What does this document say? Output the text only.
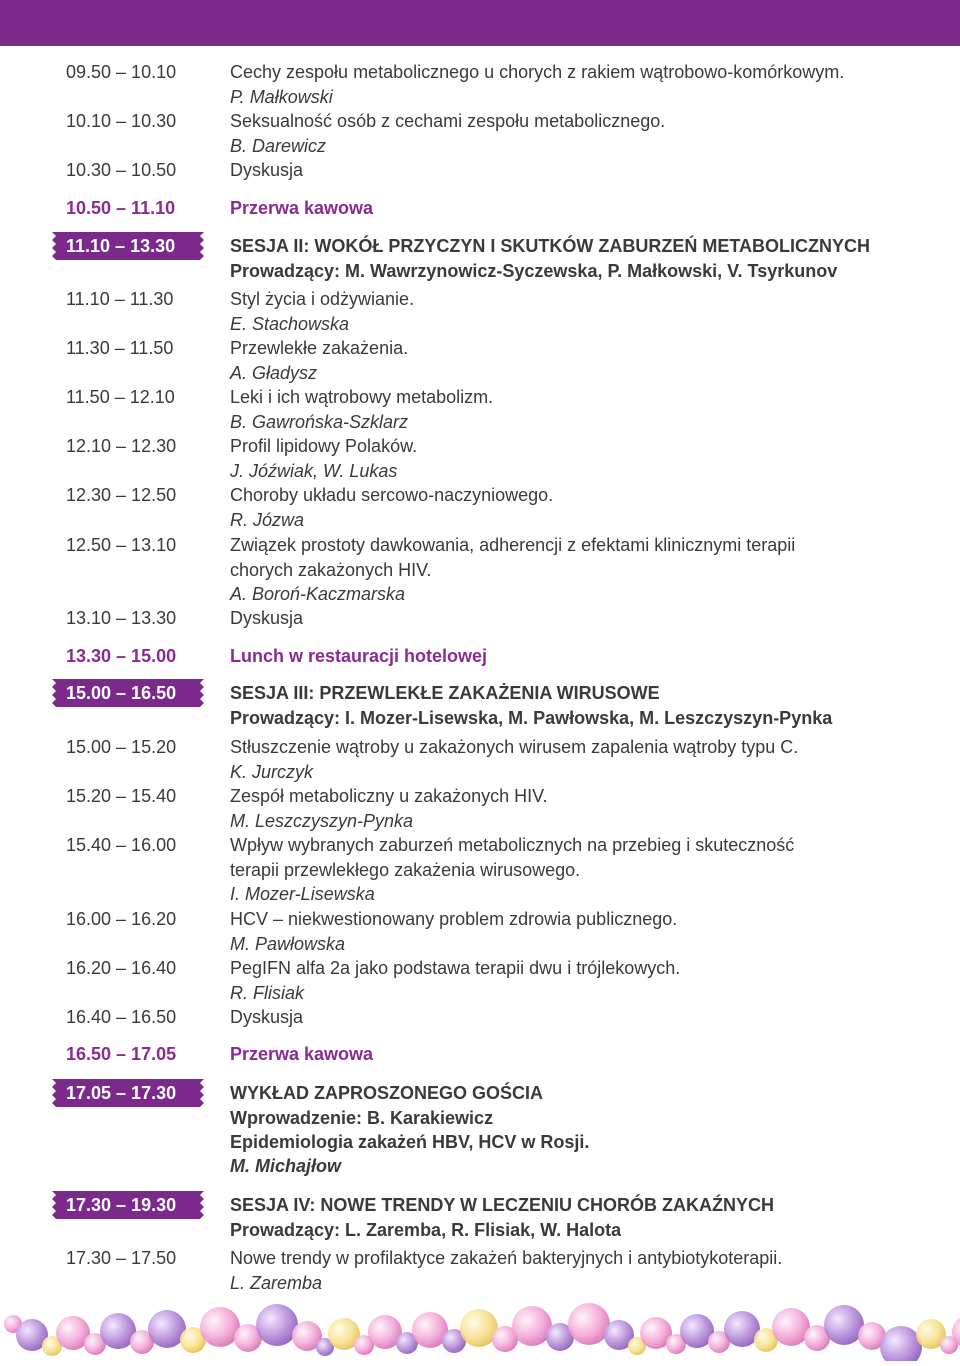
09.50 – 10.10	Cechy zespołu metabolicznego u chorych z rakiem wątrobowo-komórkowym.
P. Małkowski
10.10 – 10.30	Seksualność osób z cechami zespołu metabolicznego.
B. Darewicz
10.30 – 10.50	Dyskusja
10.50 – 11.10	Przerwa kawowa
11.10 – 13.30	SESJA II: WOKÓŁ PRZYCZYN I SKUTKÓW ZABURZEŃ METABOLICZNYCH
Prowadzący: M. Wawrzynowicz-Syczewska, P. Małkowski, V. Tsyrkunov
11.10 – 11.30	Styl życia i odżywianie.
E. Stachowska
11.30 – 11.50	Przewlekłe zakażenia.
A. Gładysz
11.50 – 12.10	Leki i ich wątrobowy metabolizm.
B. Gawrońska-Szklarz
12.10 – 12.30	Profil lipidowy Polaków.
J. Jóźwiak, W. Lukas
12.30 – 12.50	Choroby układu sercowo-naczyniowego.
R. Józwa
12.50 – 13.10	Związek prostoty dawkowania, adherencji z efektami klinicznymi terapii
chorych zakażonych HIV.
A. Boroń-Kaczmarska
13.10 – 13.30	Dyskusja
13.30 – 15.00	Lunch w restauracji hotelowej
15.00 – 16.50	SESJA III: PRZEWLEKŁE ZAKAŻENIA WIRUSOWE
Prowadzący: I. Mozer-Lisewska, M. Pawłowska, M. Leszczyszyn-Pynka
15.00 – 15.20	Stłuszczenie wątroby u zakażonych wirusem zapalenia wątroby typu C.
K. Jurczyk
15.20 – 15.40	Zespół metaboliczny u zakażonych HIV.
M. Leszczyszyn-Pynka
15.40 – 16.00	Wpływ wybranych zaburzeń metabolicznych na przebieg i skuteczność
terapii przewlekłego zakażenia wirusowego.
I. Mozer-Lisewska
16.00 – 16.20	HCV – niekwestionowany problem zdrowia publicznego.
M. Pawłowska
16.20 – 16.40	PegIFN alfa 2a jako podstawa terapii dwu i trójlekowych.
R. Flisiak
16.40 – 16.50	Dyskusja
16.50 – 17.05	Przerwa kawowa
17.05 – 17.30	WYKŁAD ZAPROSZONEGO GOŚCIA
Wprowadzenie: B. Karakiewicz
Epidemiologia zakażeń HBV, HCV w Rosji.
M. Michajłow
17.30 – 19.30	SESJA IV: NOWE TRENDY W LECZENIU CHORÓB ZAKAŹNYCH
Prowadzący: L. Zaremba, R. Flisiak, W. Halota
17.30 – 17.50	Nowe trendy w profilaktyce zakażeń bakteryjnych i antybiotykoterapii.
L. Zaremba
